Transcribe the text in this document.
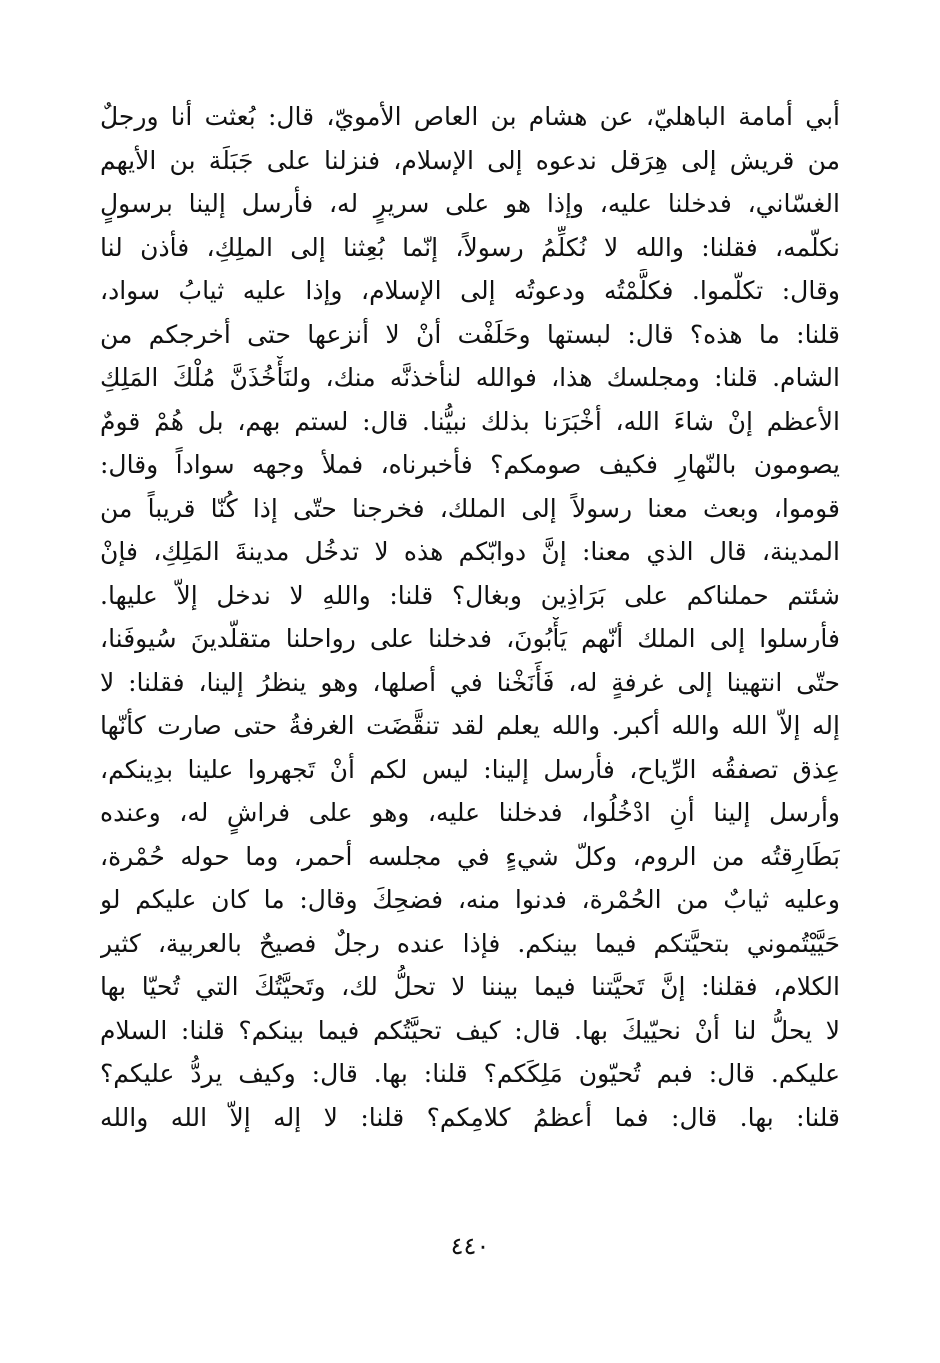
أبي أمامة الباهليّ، عن هشام بن العاص الأمويّ، قال: بُعثت أنا ورجلٌ
من قريش إلى هِرَقل ندعوه إلى الإسلام، فنزلنا على جَبَلَة بن الأيهم
الغسّاني، فدخلنا عليه، وإذا هو على سريرٍ له، فأرسل إلينا برسولٍ
نكلّمه، فقلنا: والله لا نُكلِّمُ رسولاً، إنّما بُعِثنا إلى الملِكِ، فأذن لنا
وقال: تكلّموا. فكلَّمْتُه ودعوتُه إلى الإسلام، وإذا عليه ثيابُ سواد،
قلنا: ما هذه؟ قال: لبستها وحَلَفْت أنْ لا أنزعها حتى أخرجكم من
الشام. قلنا: ومجلسك هذا، فوالله لنأخذنَّه منك، ولنَأْخُذَنَّ مُلْكَ المَلِكِ
الأعظم إنْ شاءَ الله، أخْبَرَنا بذلك نبيُّنا. قال: لستم بهم، بل هُمْ قومٌ
يصومون بالنّهارِ فكيف صومكم؟ فأخبرناه، فملأ وجهه سواداً وقال:
قوموا، وبعث معنا رسولاً إلى الملك، فخرجنا حتّى إذا كُنّا قريباً من
المدينة، قال الذي معنا: إنَّ دوابّكم هذه لا تدخُل مدينةَ المَلِكِ، فإنْ
شئتم حملناكم على بَرَاذِين وبغال؟ قلنا: واللهِ لا ندخل إلاّ عليها.
فأرسلوا إلى الملك أنّهم يَأْبُونَ، فدخلنا على رواحلنا متقلّدينَ سُيوفَنا،
حتّى انتهينا إلى غرفةٍ له، فَأَنَخْنا في أصلها، وهو ينظرُ إلينا، فقلنا: لا
إله إلاّ الله والله أكبر. والله يعلم لقد تنقَّضَت الغرفةُ حتى صارت كأنّها
عِذق تصفقُه الرِّياح، فأرسل إلينا: ليس لكم أنْ تَجهروا علينا بدِينكم،
وأرسل إلينا أنِ ادْخُلُوا، فدخلنا عليه، وهو على فراشٍ له، وعنده
بَطَارِقتُه من الروم، وكلّ شيءٍ في مجلسه أحمر، وما حوله حُمْرة،
وعليه ثيابٌ من الحُمْرة، فدنوا منه، فضحِكَ وقال: ما كان عليكم لو
حَيَّيْتُموني بتحيَّتكم فيما بينكم. فإذا عنده رجلٌ فصيحٌ بالعربية، كثير
الكلام، فقلنا: إنَّ تَحيَّتنا فيما بيننا لا تحلُّ لك، وتَحيَّتُكَ التي تُحيّا بها
لا يحلُّ لنا أنْ نحيّيكَ بها. قال: كيف تحيَّتُكم فيما بينكم؟ قلنا: السلام
عليكم. قال: فبم تُحيّون مَلِكَكم؟ قلنا: بها. قال: وكيف يردُّ عليكم؟
قلنا: بها. قال: فما أعظمُ كلامِكم؟ قلنا: لا إله إلاّ الله والله
٤٤٠
